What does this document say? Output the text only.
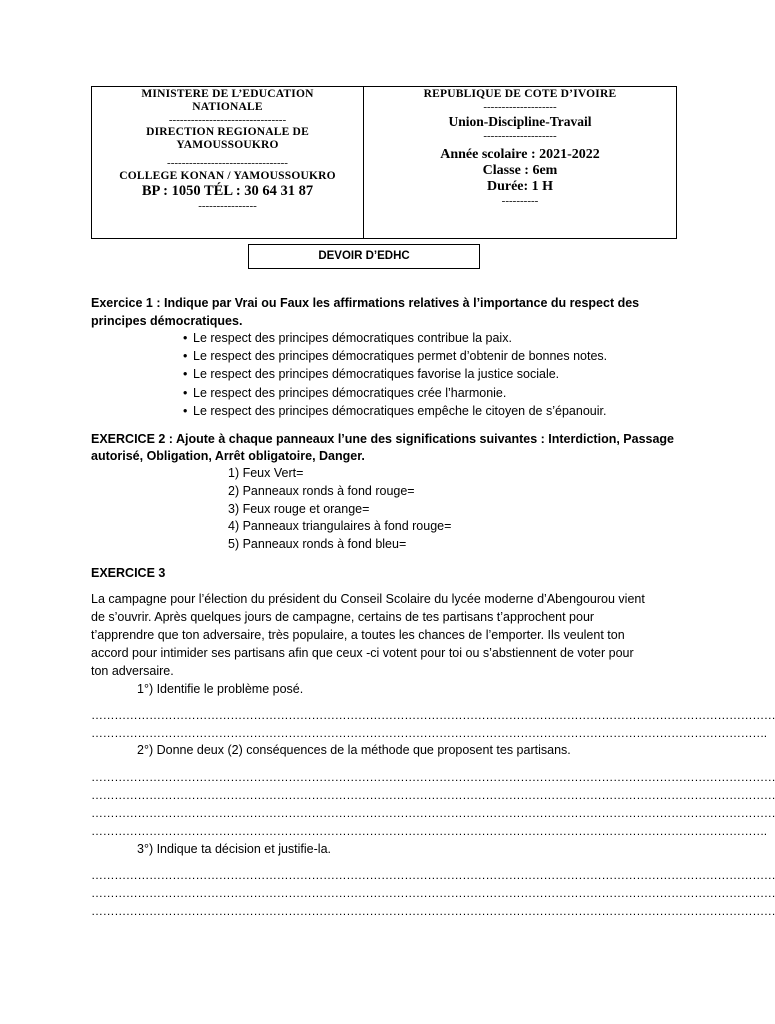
MINISTERE DE L’EDUCATION
NATIONALE
--------------------------------
DIRECTION REGIONALE DE
YAMOUSSOUKRO
---------------------------------
COLLEGE KONAN / YAMOUSSOUKRO
BP : 1050 TÉL : 30 64 31 87
----------------
REPUBLIQUE DE COTE D’IVOIRE
--------------------
Union-Discipline-Travail
--------------------
Année scolaire : 2021-2022
Classe : 6em
Durée: 1 H
----------
DEVOIR D’EDHC
Exercice 1 : Indique par Vrai ou Faux les affirmations relatives à l’importance du respect des
principes démocratiques.
• Le respect des principes démocratiques contribue la paix.
• Le respect des principes démocratiques permet d’obtenir de bonnes notes.
• Le respect des principes démocratiques favorise la justice sociale.
• Le respect des principes démocratiques crée l’harmonie.
• Le respect des principes démocratiques empêche le citoyen de s’épanouir.
EXERCICE 2 : Ajoute à chaque panneaux l’une des significations suivantes : Interdiction, Passage
autorisé, Obligation, Arrêt obligatoire, Danger.
1) Feux Vert=
2) Panneaux ronds à fond rouge=
3) Feux rouge et orange=
4) Panneaux triangulaires à fond rouge=
5) Panneaux ronds à fond bleu=
EXERCICE 3
La campagne pour l’élection du président du Conseil Scolaire du lycée moderne d’Abengourou vient
de s’ouvrir. Après quelques jours de campagne, certains de tes partisans t’approchent pour
t’apprendre que ton adversaire, très populaire, a toutes les chances de l’emporter. Ils veulent ton
accord pour intimider ses partisans afin que ceux -ci votent pour toi ou s’abstiennent de voter pour
ton adversaire.
1°) Identifie le problème posé.
……………………………………………………………………………………………………………………………………………………………
………………………………………………………………………………………………………………………………………………………….
2°) Donne deux (2) conséquences de la méthode que proposent tes partisans.
……………………………………………………………………………………………………………………………………………………………
……………………………………………………………………………………………………………………………………………………………
……………………………………………………………………………………………………………………………………………………………
………………………………………………………………………………………………………………………………………………………….
3°) Indique ta décision et justifie-la.
……………………………………………………………………………………………………………………………………………………………
……………………………………………………………………………………………………………………………………………………………
……………………………………………………………………………………………………………………………………………………………
